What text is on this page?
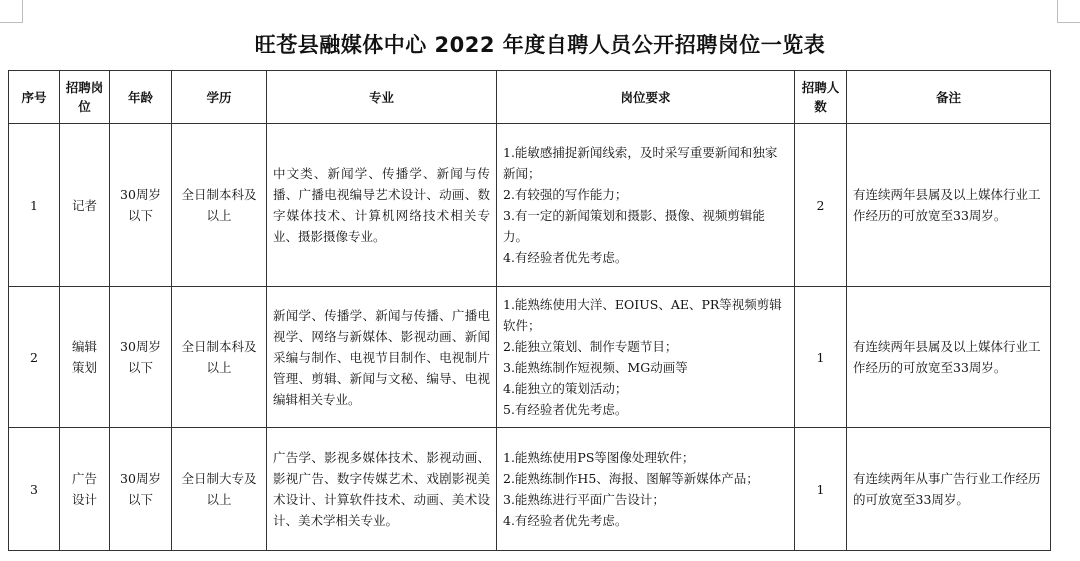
旺苍县融媒体中心 2022 年度自聘人员公开招聘岗位一览表
序号	招聘岗位	年龄	学历	专业	岗位要求	招聘人数	备注
1	记者	30周岁以下	全日制本科及以上	中文类、新闻学、传播学、新闻与传播、广播电视编导艺术设计、动画、数字媒体技术、计算机网络技术相关专业、摄影摄像专业。	1.能敏感捕捉新闻线索，及时采写重要新闻和独家新闻；
2.有较强的写作能力；
3.有一定的新闻策划和摄影、摄像、视频剪辑能力。
4.有经验者优先考虑。	2	有连续两年县属及以上媒体行业工作经历的可放宽至33周岁。
2	编辑策划	30周岁以下	全日制本科及以上	新闻学、传播学、新闻与传播、广播电视学、网络与新媒体、影视动画、新闻采编与制作、电视节目制作、电视制片管理、剪辑、新闻与文秘、编导、电视编辑相关专业。	1.能熟练使用大洋、EOIUS、AE、PR等视频剪辑软件；
2.能独立策划、制作专题节目；
3.能熟练制作短视频、MG动画等
4.能独立的策划活动；
5.有经验者优先考虑。	1	有连续两年县属及以上媒体行业工作经历的可放宽至33周岁。
3	广告设计	30周岁以下	全日制大专及以上	广告学、影视多媒体技术、影视动画、影视广告、数字传媒艺术、戏剧影视美术设计、计算软件技术、动画、美术设计、美术学相关专业。	1.能熟练使用PS等图像处理软件；
2.能熟练制作H5、海报、图解等新媒体产品；
3.能熟练进行平面广告设计；
4.有经验者优先考虑。	1	有连续两年从事广告行业工作经历的可放宽至33周岁。
